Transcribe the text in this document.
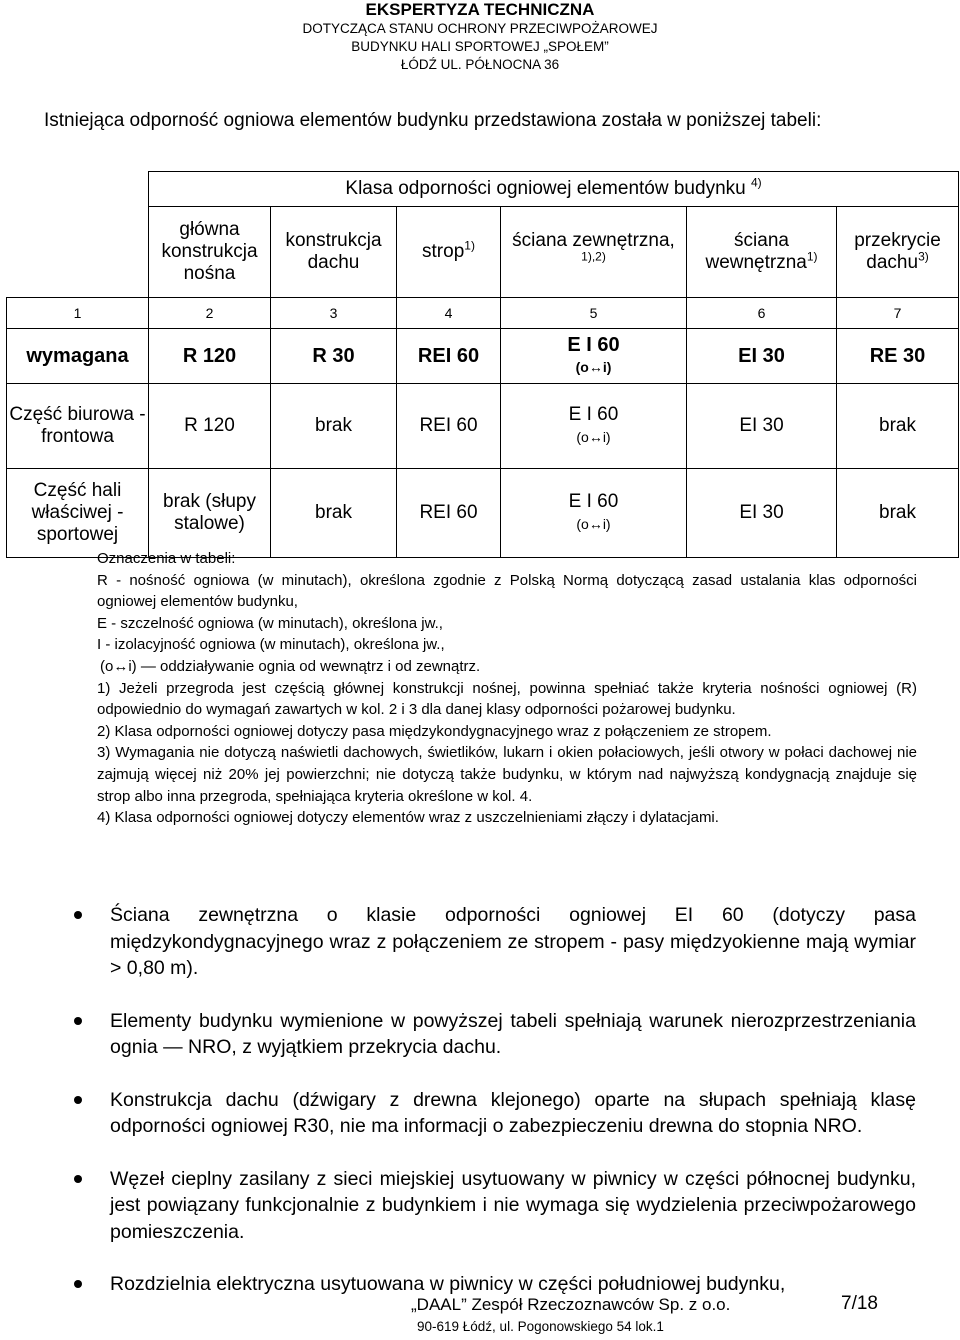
EKSPERTYZA TECHNICZNA
DOTYCZĄCA STANU OCHRONY PRZECIWPOŻAROWEJ
BUDYNKU HALI SPORTOWEJ „SPOŁEM”
ŁÓDŹ UL. PÓŁNOCNA 36
Istniejąca odporność ogniowa elementów budynku przedstawiona została w poniższej tabeli:
	Klasa odporności ogniowej elementów budynku $^{4)}$
	główna konstrukcja nośna	konstrukcja dachu	strop$^{1)}$	ściana zewnętrzna, $^{1),2)}$	ściana wewnętrzna$^{1)}$	przekrycie dachu$^{3)}$
1	2	3	4	5	6	7
wymagana	R 120	R 30	REI 60	E I 60
(o↔i)	EI 30	RE 30
Część biurowa - frontowa	R 120	brak	REI 60	E I 60
(o↔i)	EI 30	brak
Część hali właściwej - sportowej	brak (słupy stalowe)	brak	REI 60	E I 60
(o↔i)	EI 30	brak

Oznaczenia w tabeli:

R - nośność ogniowa (w minutach), określona zgodnie z Polską Normą dotyczącą zasad ustalania klas odporności ogniowej elementów budynku,

E - szczelność ogniowa (w minutach), określona jw.,

I - izolacyjność ogniowa (w minutach), określona jw.,

(o↔i) — oddziaływanie ognia od wewnątrz i od zewnątrz.

1) Jeżeli przegroda jest częścią głównej konstrukcji nośnej, powinna spełniać także kryteria nośności ogniowej (R) odpowiednio do wymagań zawartych w kol. 2 i 3 dla danej klasy odporności pożarowej budynku.

2) Klasa odporności ogniowej dotyczy pasa międzykondygnacyjnego wraz z połączeniem ze stropem.

3) Wymagania nie dotyczą naświetli dachowych, świetlików, lukarn i okien połaciowych, jeśli otwory w połaci dachowej nie zajmują więcej niż 20% jej powierzchni; nie dotyczą także budynku, w którym nad najwyższą kondygnacją znajduje się strop albo inna przegroda, spełniająca kryteria określone w kol. 4.

4) Klasa odporności ogniowej dotyczy elementów wraz z uszczelnieniami złączy i dylatacjami.

Ściana zewnętrzna o klasie odporności ogniowej EI 60 (dotyczy pasa międzykondygnacyjnego wraz z połączeniem ze stropem - pasy międzyokienne mają wymiar > 0,80 m).
Elementy budynku wymienione w powyższej tabeli spełniają warunek nierozprzestrzeniania ognia — NRO, z wyjątkiem przekrycia dachu.
Konstrukcja dachu (dźwigary z drewna klejonego) oparte na słupach spełniają klasę odporności ogniowej R30, nie ma informacji o zabezpieczeniu drewna do stopnia NRO.
Węzeł cieplny zasilany z sieci miejskiej usytuowany w piwnicy w części północnej budynku, jest powiązany funkcjonalnie z budynkiem i nie wymaga się wydzielenia przeciwpożarowego pomieszczenia.
Rozdzielnia elektryczna usytuowana w piwnicy w części południowej budynku,
„DAAL” Zespół Rzeczoznawców Sp. z o.o.
90-619 Łódź, ul. Pogonowskiego 54 lok.1
7/18
